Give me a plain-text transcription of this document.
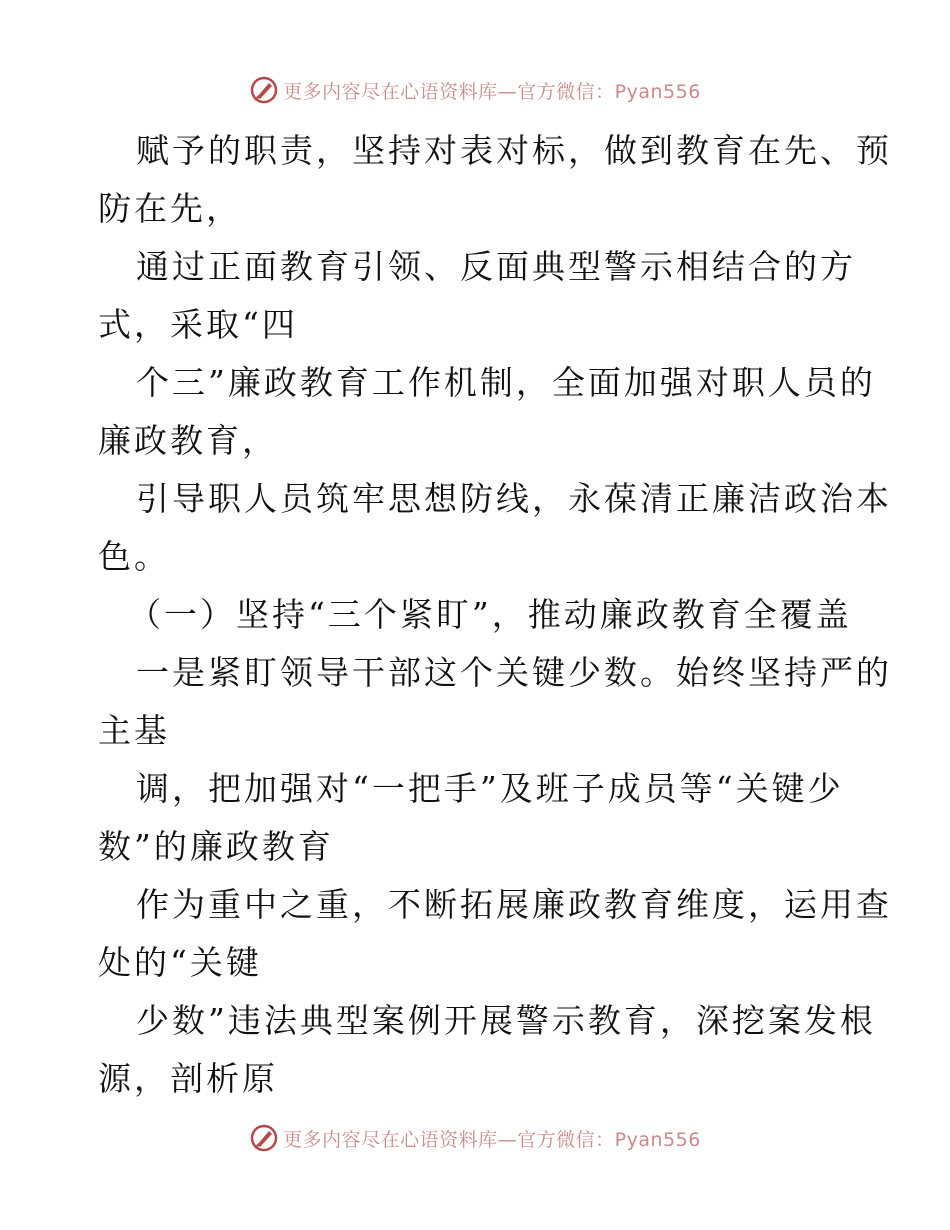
更多内容尽在心语资料库—官方微信：Pyan556
赋予的职责，坚持对表对标，做到教育在先、预
防在先，
通过正面教育引领、反面典型警示相结合的方
式，采取“四
个三”廉政教育工作机制，全面加强对职人员的
廉政教育，
引导职人员筑牢思想防线，永葆清正廉洁政治本
色。
（一）坚持“三个紧盯”，推动廉政教育全覆盖
一是紧盯领导干部这个关键少数。始终坚持严的
主基
调，把加强对“一把手”及班子成员等“关键少
数”的廉政教育
作为重中之重，不断拓展廉政教育维度，运用查
处的“关键
少数”违法典型案例开展警示教育，深挖案发根
源，剖析原
更多内容尽在心语资料库—官方微信：Pyan556
